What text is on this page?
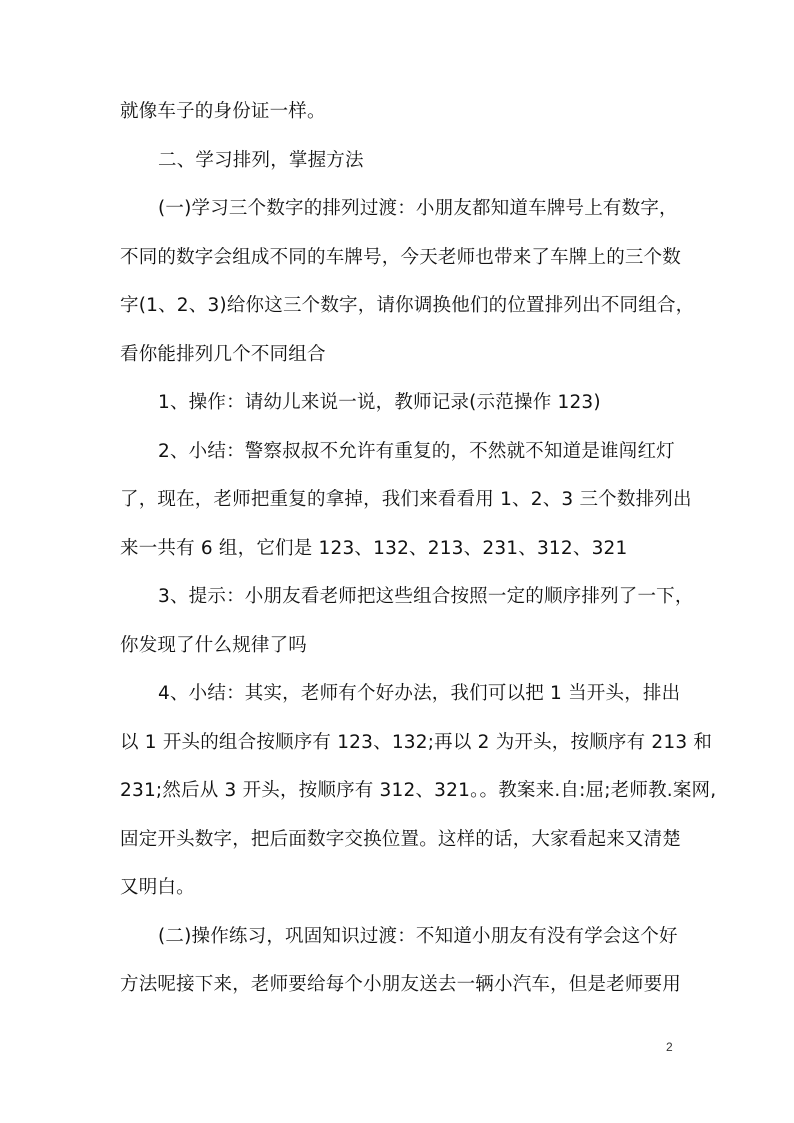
就像车子的身份证一样。
二、学习排列，掌握方法
(一)学习三个数字的排列过渡：小朋友都知道车牌号上有数字，
不同的数字会组成不同的车牌号，今天老师也带来了车牌上的三个数
字(1、2、3)给你这三个数字，请你调换他们的位置排列出不同组合，
看你能排列几个不同组合
1、操作：请幼儿来说一说，教师记录(示范操作 123)
2、小结：警察叔叔不允许有重复的，不然就不知道是谁闯红灯
了，现在，老师把重复的拿掉，我们来看看用 1、2、3 三个数排列出
来一共有 6 组，它们是 123、132、213、231、312、321
3、提示：小朋友看老师把这些组合按照一定的顺序排列了一下，
你发现了什么规律了吗
4、小结：其实，老师有个好办法，我们可以把 1 当开头，排出
以 1 开头的组合按顺序有 123、132;再以 2 为开头，按顺序有 213 和
231;然后从 3 开头，按顺序有 312、321。。教案来.自:屈;老师教.案网,
固定开头数字，把后面数字交换位置。这样的话，大家看起来又清楚
又明白。
(二)操作练习，巩固知识过渡：不知道小朋友有没有学会这个好
方法呢接下来，老师要给每个小朋友送去一辆小汽车，但是老师要用
2
